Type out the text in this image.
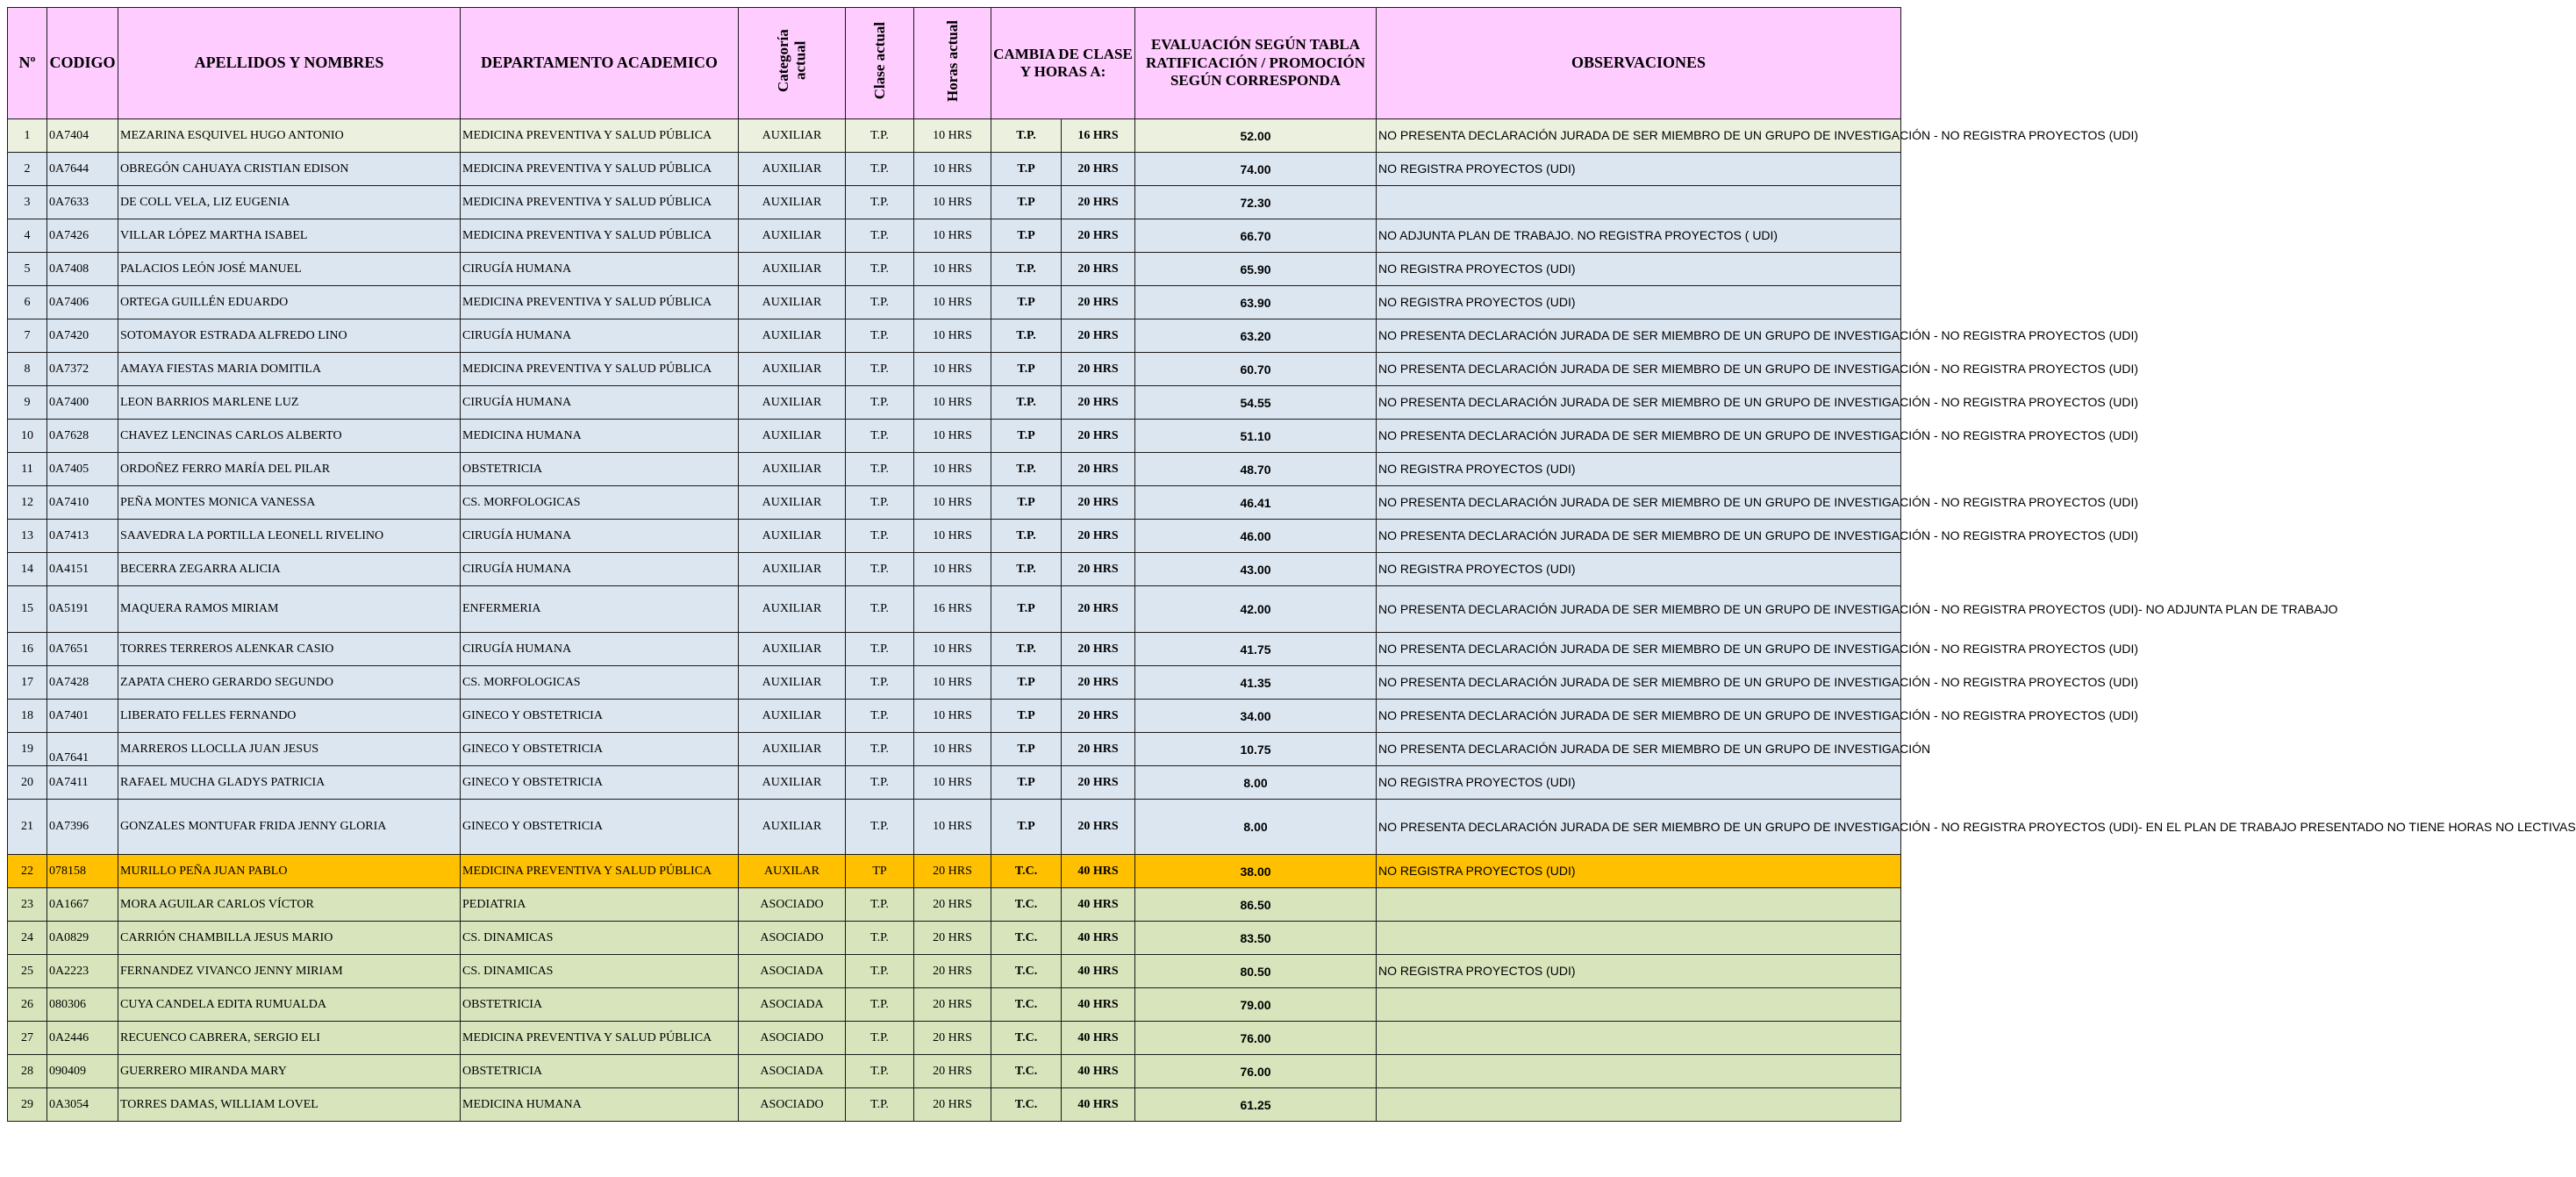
Nº	CODIGO	APELLIDOS Y NOMBRES	DEPARTAMENTO ACADEMICO	Categoría actual	Clase actual	Horas actual	CAMBIA DE CLASE Y HORAS A:		EVALUACIÓN SEGÚN TABLA RATIFICACIÓN / PROMOCIÓN SEGÚN CORRESPONDA	OBSERVACIONES
1	0A7404	MEZARINA ESQUIVEL HUGO ANTONIO	MEDICINA PREVENTIVA Y SALUD PÚBLICA	AUXILIAR	T.P.	10 HRS	T.P.	16 HRS	52.00	NO PRESENTA DECLARACIÓN JURADA DE SER MIEMBRO DE UN GRUPO DE INVESTIGACIÓN - NO REGISTRA PROYECTOS (UDI)
2	0A7644	OBREGÓN CAHUAYA CRISTIAN EDISON	MEDICINA PREVENTIVA Y SALUD PÚBLICA	AUXILIAR	T.P.	10 HRS	T.P	20 HRS	74.00	NO REGISTRA PROYECTOS (UDI)
3	0A7633	DE COLL VELA, LIZ EUGENIA	MEDICINA PREVENTIVA Y SALUD PÚBLICA	AUXILIAR	T.P.	10 HRS	T.P	20 HRS	72.30	
4	0A7426	VILLAR LÓPEZ MARTHA ISABEL	MEDICINA PREVENTIVA Y SALUD PÚBLICA	AUXILIAR	T.P.	10 HRS	T.P	20 HRS	66.70	NO ADJUNTA PLAN DE TRABAJO. NO REGISTRA PROYECTOS ( UDI)
5	0A7408	PALACIOS LEÓN JOSÉ MANUEL	CIRUGÍA HUMANA	AUXILIAR	T.P.	10 HRS	T.P.	20 HRS	65.90	NO REGISTRA PROYECTOS (UDI)
6	0A7406	ORTEGA GUILLÉN EDUARDO	MEDICINA PREVENTIVA Y SALUD PÚBLICA	AUXILIAR	T.P.	10 HRS	T.P	20 HRS	63.90	NO REGISTRA PROYECTOS (UDI)
7	0A7420	SOTOMAYOR ESTRADA ALFREDO LINO	CIRUGÍA HUMANA	AUXILIAR	T.P.	10 HRS	T.P.	20 HRS	63.20	NO PRESENTA DECLARACIÓN JURADA DE SER MIEMBRO DE UN GRUPO DE INVESTIGACIÓN - NO REGISTRA PROYECTOS (UDI)
8	0A7372	AMAYA FIESTAS MARIA DOMITILA	MEDICINA PREVENTIVA Y SALUD PÚBLICA	AUXILIAR	T.P.	10 HRS	T.P	20 HRS	60.70	NO PRESENTA DECLARACIÓN JURADA DE SER MIEMBRO DE UN GRUPO DE INVESTIGACIÓN - NO REGISTRA PROYECTOS (UDI)
9	0A7400	LEON BARRIOS MARLENE LUZ	CIRUGÍA HUMANA	AUXILIAR	T.P.	10 HRS	T.P.	20 HRS	54.55	NO PRESENTA DECLARACIÓN JURADA DE SER MIEMBRO DE UN GRUPO DE INVESTIGACIÓN - NO REGISTRA PROYECTOS (UDI)
10	0A7628	CHAVEZ LENCINAS CARLOS ALBERTO	MEDICINA HUMANA	AUXILIAR	T.P.	10 HRS	T.P	20 HRS	51.10	NO PRESENTA DECLARACIÓN JURADA DE SER MIEMBRO DE UN GRUPO DE INVESTIGACIÓN - NO REGISTRA PROYECTOS (UDI)
11	0A7405	ORDOÑEZ FERRO MARÍA DEL PILAR	OBSTETRICIA	AUXILIAR	T.P.	10 HRS	T.P.	20 HRS	48.70	NO REGISTRA PROYECTOS (UDI)
12	0A7410	PEÑA MONTES MONICA VANESSA	CS. MORFOLOGICAS	AUXILIAR	T.P.	10 HRS	T.P	20 HRS	46.41	NO PRESENTA DECLARACIÓN JURADA DE SER MIEMBRO DE UN GRUPO DE INVESTIGACIÓN - NO REGISTRA PROYECTOS (UDI)
13	0A7413	SAAVEDRA LA PORTILLA LEONELL RIVELINO	CIRUGÍA HUMANA	AUXILIAR	T.P.	10 HRS	T.P.	20 HRS	46.00	NO PRESENTA DECLARACIÓN JURADA DE SER MIEMBRO DE UN GRUPO DE INVESTIGACIÓN - NO REGISTRA PROYECTOS (UDI)
14	0A4151	BECERRA ZEGARRA ALICIA	CIRUGÍA HUMANA	AUXILIAR	T.P.	10 HRS	T.P.	20 HRS	43.00	NO REGISTRA PROYECTOS (UDI)
15	0A5191	MAQUERA RAMOS MIRIAM	ENFERMERIA	AUXILIAR	T.P.	16 HRS	T.P	20 HRS	42.00	NO PRESENTA DECLARACIÓN JURADA DE SER MIEMBRO DE UN GRUPO DE INVESTIGACIÓN - NO REGISTRA PROYECTOS (UDI)- NO ADJUNTA PLAN DE TRABAJO
16	0A7651	TORRES TERREROS ALENKAR CASIO	CIRUGÍA HUMANA	AUXILIAR	T.P.	10 HRS	T.P.	20 HRS	41.75	NO PRESENTA DECLARACIÓN JURADA DE SER MIEMBRO DE UN GRUPO DE INVESTIGACIÓN - NO REGISTRA PROYECTOS (UDI)
17	0A7428	ZAPATA CHERO GERARDO SEGUNDO	CS. MORFOLOGICAS	AUXILIAR	T.P.	10 HRS	T.P	20 HRS	41.35	NO PRESENTA DECLARACIÓN JURADA DE SER MIEMBRO DE UN GRUPO DE INVESTIGACIÓN - NO REGISTRA PROYECTOS (UDI)
18	0A7401	LIBERATO FELLES FERNANDO	GINECO Y OBSTETRICIA	AUXILIAR	T.P.	10 HRS	T.P	20 HRS	34.00	NO PRESENTA DECLARACIÓN JURADA DE SER MIEMBRO DE UN GRUPO DE INVESTIGACIÓN - NO REGISTRA PROYECTOS (UDI)
19	0A7641	MARREROS LLOCLLA JUAN JESUS	GINECO Y OBSTETRICIA	AUXILIAR	T.P.	10 HRS	T.P	20 HRS	10.75	NO PRESENTA DECLARACIÓN JURADA DE SER MIEMBRO DE UN GRUPO DE INVESTIGACIÓN
20	0A7411	RAFAEL MUCHA GLADYS PATRICIA	GINECO Y OBSTETRICIA	AUXILIAR	T.P.	10 HRS	T.P	20 HRS	8.00	NO REGISTRA PROYECTOS (UDI)
21	0A7396	GONZALES MONTUFAR FRIDA JENNY GLORIA	GINECO Y OBSTETRICIA	AUXILIAR	T.P.	10 HRS	T.P	20 HRS	8.00	NO PRESENTA DECLARACIÓN JURADA DE SER MIEMBRO DE UN GRUPO DE INVESTIGACIÓN - NO REGISTRA PROYECTOS (UDI)- EN EL PLAN DE TRABAJO PRESENTADO NO TIENE HORAS NO LECTIVAS
22	078158	MURILLO PEÑA JUAN PABLO	MEDICINA PREVENTIVA Y SALUD PÚBLICA	AUXILAR	TP	20 HRS	T.C.	40 HRS	38.00	NO REGISTRA PROYECTOS (UDI)
23	0A1667	MORA AGUILAR CARLOS VÍCTOR	PEDIATRIA	ASOCIADO	T.P.	20 HRS	T.C.	40 HRS	86.50	
24	0A0829	CARRIÓN CHAMBILLA JESUS MARIO	CS. DINAMICAS	ASOCIADO	T.P.	20 HRS	T.C.	40 HRS	83.50	
25	0A2223	FERNANDEZ VIVANCO JENNY MIRIAM	CS. DINAMICAS	ASOCIADA	T.P.	20 HRS	T.C.	40 HRS	80.50	NO REGISTRA PROYECTOS (UDI)
26	080306	CUYA CANDELA EDITA RUMUALDA	OBSTETRICIA	ASOCIADA	T.P.	20 HRS	T.C.	40 HRS	79.00	
27	0A2446	RECUENCO CABRERA, SERGIO ELI	MEDICINA PREVENTIVA Y SALUD PÚBLICA	ASOCIADO	T.P.	20 HRS	T.C.	40 HRS	76.00	
28	090409	GUERRERO MIRANDA MARY	OBSTETRICIA	ASOCIADA	T.P.	20 HRS	T.C.	40 HRS	76.00	
29	0A3054	TORRES DAMAS, WILLIAM LOVEL	MEDICINA HUMANA	ASOCIADO	T.P.	20 HRS	T.C.	40 HRS	61.25	
